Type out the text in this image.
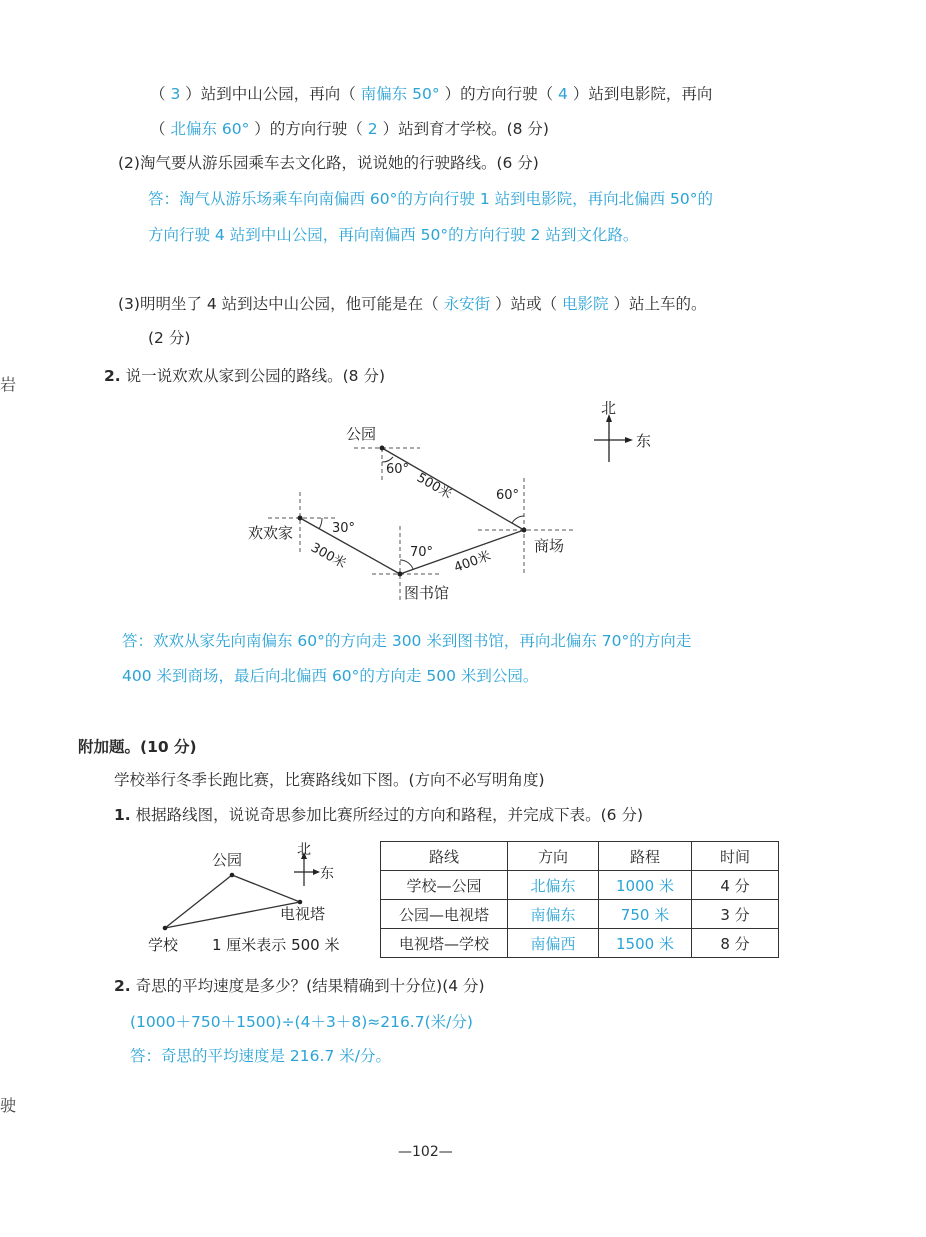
岩
驶
（ 3 ）站到中山公园，再向（ 南偏东 50° ）的方向行驶（ 4 ）站到电影院，再向
（ 北偏东 60° ）的方向行驶（ 2 ）站到育才学校。(8 分)
(2)淘气要从游乐园乘车去文化路，说说她的行驶路线。(6 分)
答：淘气从游乐场乘车向南偏西 60°的方向行驶 1 站到电影院，再向北偏西 50°的
方向行驶 4 站到中山公园，再向南偏西 50°的方向行驶 2 站到文化路。
(3)明明坐了 4 站到达中山公园，他可能是在（ 永安街 ）站或（ 电影院 ）站上车的。
(2 分)
2. 说一说欢欢从家到公园的路线。(8 分)
公园
欢欢家
图书馆
商场
30°
70°
60°
60°
300米	400米
500米
北
东
答：欢欢从家先向南偏东 60°的方向走 300 米到图书馆，再向北偏东 70°的方向走
400 米到商场，最后向北偏西 60°的方向走 500 米到公园。
附加题。(10 分)
学校举行冬季长跑比赛，比赛路线如下图。(方向不必写明角度)
1. 根据路线图，说说奇思参加比赛所经过的方向和路程，并完成下表。(6 分)
公园
电视塔
学校 1 厘米表示 500 米
北
东
路线	方向	路程	时间
学校—公园	北偏东	1000 米	4 分
公园—电视塔	南偏东	750 米	3 分
电视塔—学校	南偏西	1500 米	8 分
2. 奇思的平均速度是多少？(结果精确到十分位)(4 分)
(1000＋750＋1500)÷(4＋3＋8)≈216.7(米/分)
答：奇思的平均速度是 216.7 米/分。
—102—
